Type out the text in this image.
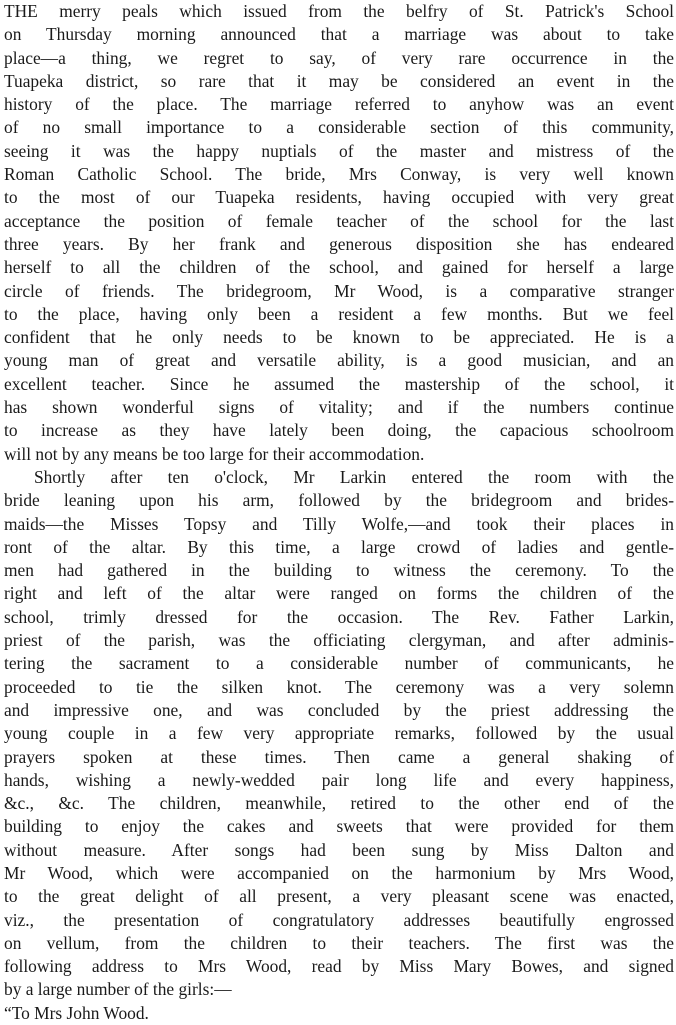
THE merry peals which issued from the belfry of St. Patrick's School
on Thursday morning announced that a marriage was about to take
place—a thing, we regret to say, of very rare occurrence in the
Tuapeka district, so rare that it may be considered an event in the
history of the place. The marriage referred to anyhow was an event
of no small importance to a considerable section of this community,
seeing it was the happy nuptials of the master and mistress of the
Roman Catholic School. The bride, Mrs Conway, is very well known
to the most of our Tuapeka residents, having occupied with very great
acceptance the position of female teacher of the school for the last
three years. By her frank and generous disposition she has endeared
herself to all the children of the school, and gained for herself a large
circle of friends. The bridegroom, Mr Wood, is a comparative stranger
to the place, having only been a resident a few months. But we feel
confident that he only needs to be known to be appreciated. He is a
young man of great and versatile ability, is a good musician, and an
excellent teacher. Since he assumed the mastership of the school, it
has shown wonderful signs of vitality; and if the numbers continue
to increase as they have lately been doing, the capacious schoolroom
will not by any means be too large for their accommodation.
Shortly after ten o'clock, Mr Larkin entered the room with the
bride leaning upon his arm, followed by the bridegroom and brides-
maids—the Misses Topsy and Tilly Wolfe,—and took their places in
ront of the altar. By this time, a large crowd of ladies and gentle-
men had gathered in the building to witness the ceremony. To the
right and left of the altar were ranged on forms the children of the
school, trimly dressed for the occasion. The Rev. Father Larkin,
priest of the parish, was the officiating clergyman, and after adminis-
tering the sacrament to a considerable number of communicants, he
proceeded to tie the silken knot. The ceremony was a very solemn
and impressive one, and was concluded by the priest addressing the
young couple in a few very appropriate remarks, followed by the usual
prayers spoken at these times. Then came a general shaking of
hands, wishing a newly-wedded pair long life and every happiness,
&c., &c. The children, meanwhile, retired to the other end of the
building to enjoy the cakes and sweets that were provided for them
without measure. After songs had been sung by Miss Dalton and
Mr Wood, which were accompanied on the harmonium by Mrs Wood,
to the great delight of all present, a very pleasant scene was enacted,
viz., the presentation of congratulatory addresses beautifully engrossed
on vellum, from the children to their teachers. The first was the
following address to Mrs Wood, read by Miss Mary Bowes, and signed
by a large number of the girls:—
“To Mrs John Wood.
